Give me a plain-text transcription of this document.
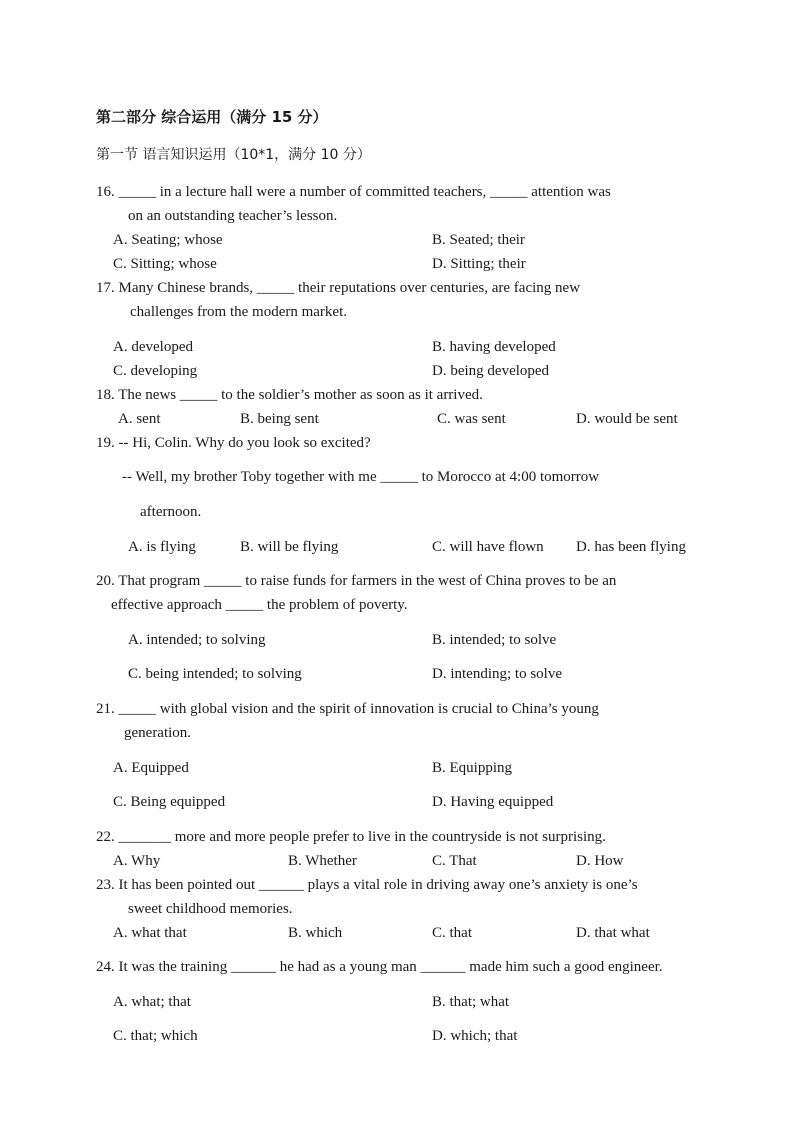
第二部分 综合运用（满分 15 分）
第一节 语言知识运用（10*1，满分 10 分）
16. _____ in a lecture hall were a number of committed teachers, _____ attention was
on an outstanding teacher’s lesson.
A. Seating; whose	B. Seated; their
C. Sitting; whose	D. Sitting; their
17. Many Chinese brands, _____ their reputations over centuries, are facing new
challenges from the modern market.
A. developed	B. having developed
C. developing	D. being developed
18. The news _____ to the soldier’s mother as soon as it arrived.
A. sent	B. being sent	C. was sent	D. would be sent
19. -- Hi, Colin. Why do you look so excited?
-- Well, my brother Toby together with me _____ to Morocco at 4:00 tomorrow
afternoon.
A. is flying	B. will be flying	C. will have flown D. has been flying
20. That program _____ to raise funds for farmers in the west of China proves to be an
effective approach _____ the problem of poverty.
A. intended; to solving	B. intended; to solve
C. being intended; to solving	D. intending; to solve
21. _____ with global vision and the spirit of innovation is crucial to China’s young
generation.
A. Equipped	B. Equipping
C. Being equipped	D. Having equipped
22. _______ more and more people prefer to live in the countryside is not surprising.
A. Why	B. Whether	C. That	D. How
23. It has been pointed out ______ plays a vital role in driving away one’s anxiety is one’s
sweet childhood memories.
A. what that	B. which	C. that	D. that what
24. It was the training ______ he had as a young man ______ made him such a good engineer.
A. what; that	B. that; what
C. that; which	D. which; that
